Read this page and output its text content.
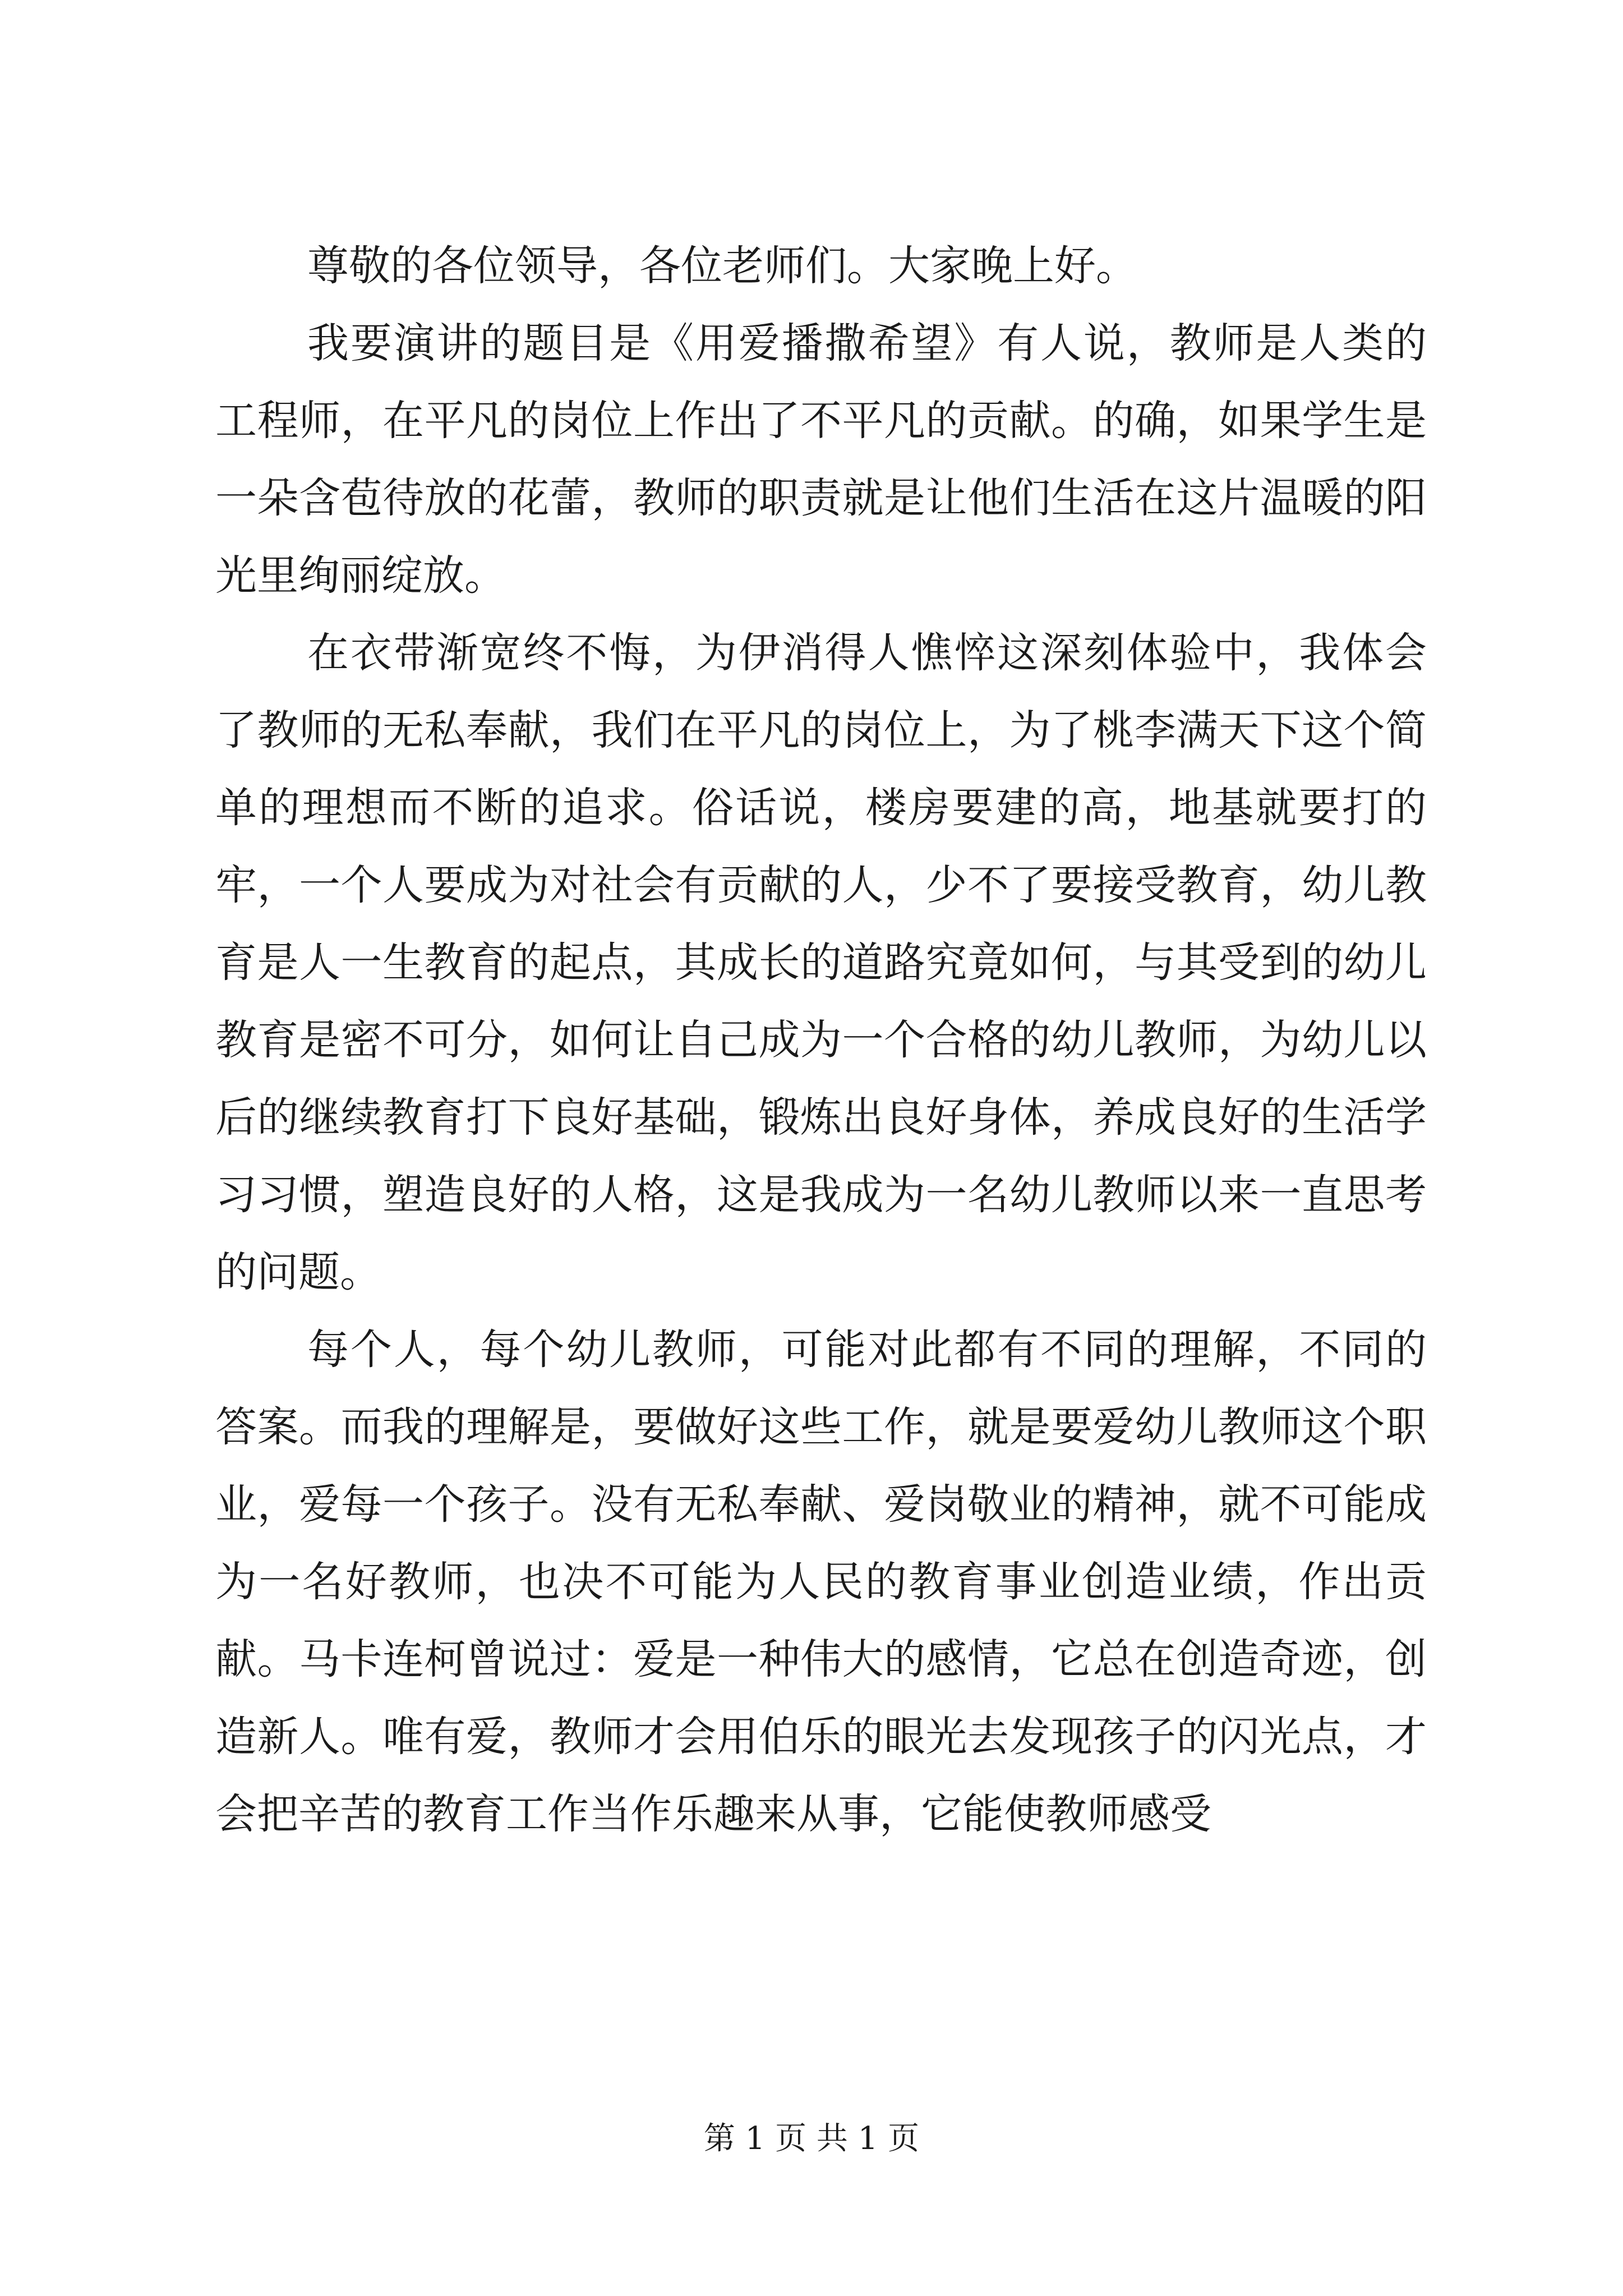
尊敬的各位领导，各位老师们。大家晚上好。

我要演讲的题目是《用爱播撒希望》有人说，教师是人类的工程师，在平凡的岗位上作出了不平凡的贡献。的确，如果学生是一朵含苞待放的花蕾，教师的职责就是让他们生活在这片温暖的阳光里绚丽绽放。

在衣带渐宽终不悔，为伊消得人憔悴这深刻体验中，我体会了教师的无私奉献，我们在平凡的岗位上，为了桃李满天下这个简单的理想而不断的追求。俗话说，楼房要建的高，地基就要打的牢，一个人要成为对社会有贡献的人，少不了要接受教育，幼儿教育是人一生教育的起点，其成长的道路究竟如何，与其受到的幼儿教育是密不可分，如何让自己成为一个合格的幼儿教师，为幼儿以后的继续教育打下良好基础，锻炼出良好身体，养成良好的生活学习习惯，塑造良好的人格，这是我成为一名幼儿教师以来一直思考的问题。

每个人，每个幼儿教师，可能对此都有不同的理解，不同的答案。而我的理解是，要做好这些工作，就是要爱幼儿教师这个职业，爱每一个孩子。没有无私奉献、爱岗敬业的精神，就不可能成为一名好教师，也决不可能为人民的教育事业创造业绩，作出贡献。马卡连柯曾说过：爱是一种伟大的感情，它总在创造奇迹，创造新人。唯有爱，教师才会用伯乐的眼光去发现孩子的闪光点，才会把辛苦的教育工作当作乐趣来从事，它能使教师感受

第 1 页 共 1 页
